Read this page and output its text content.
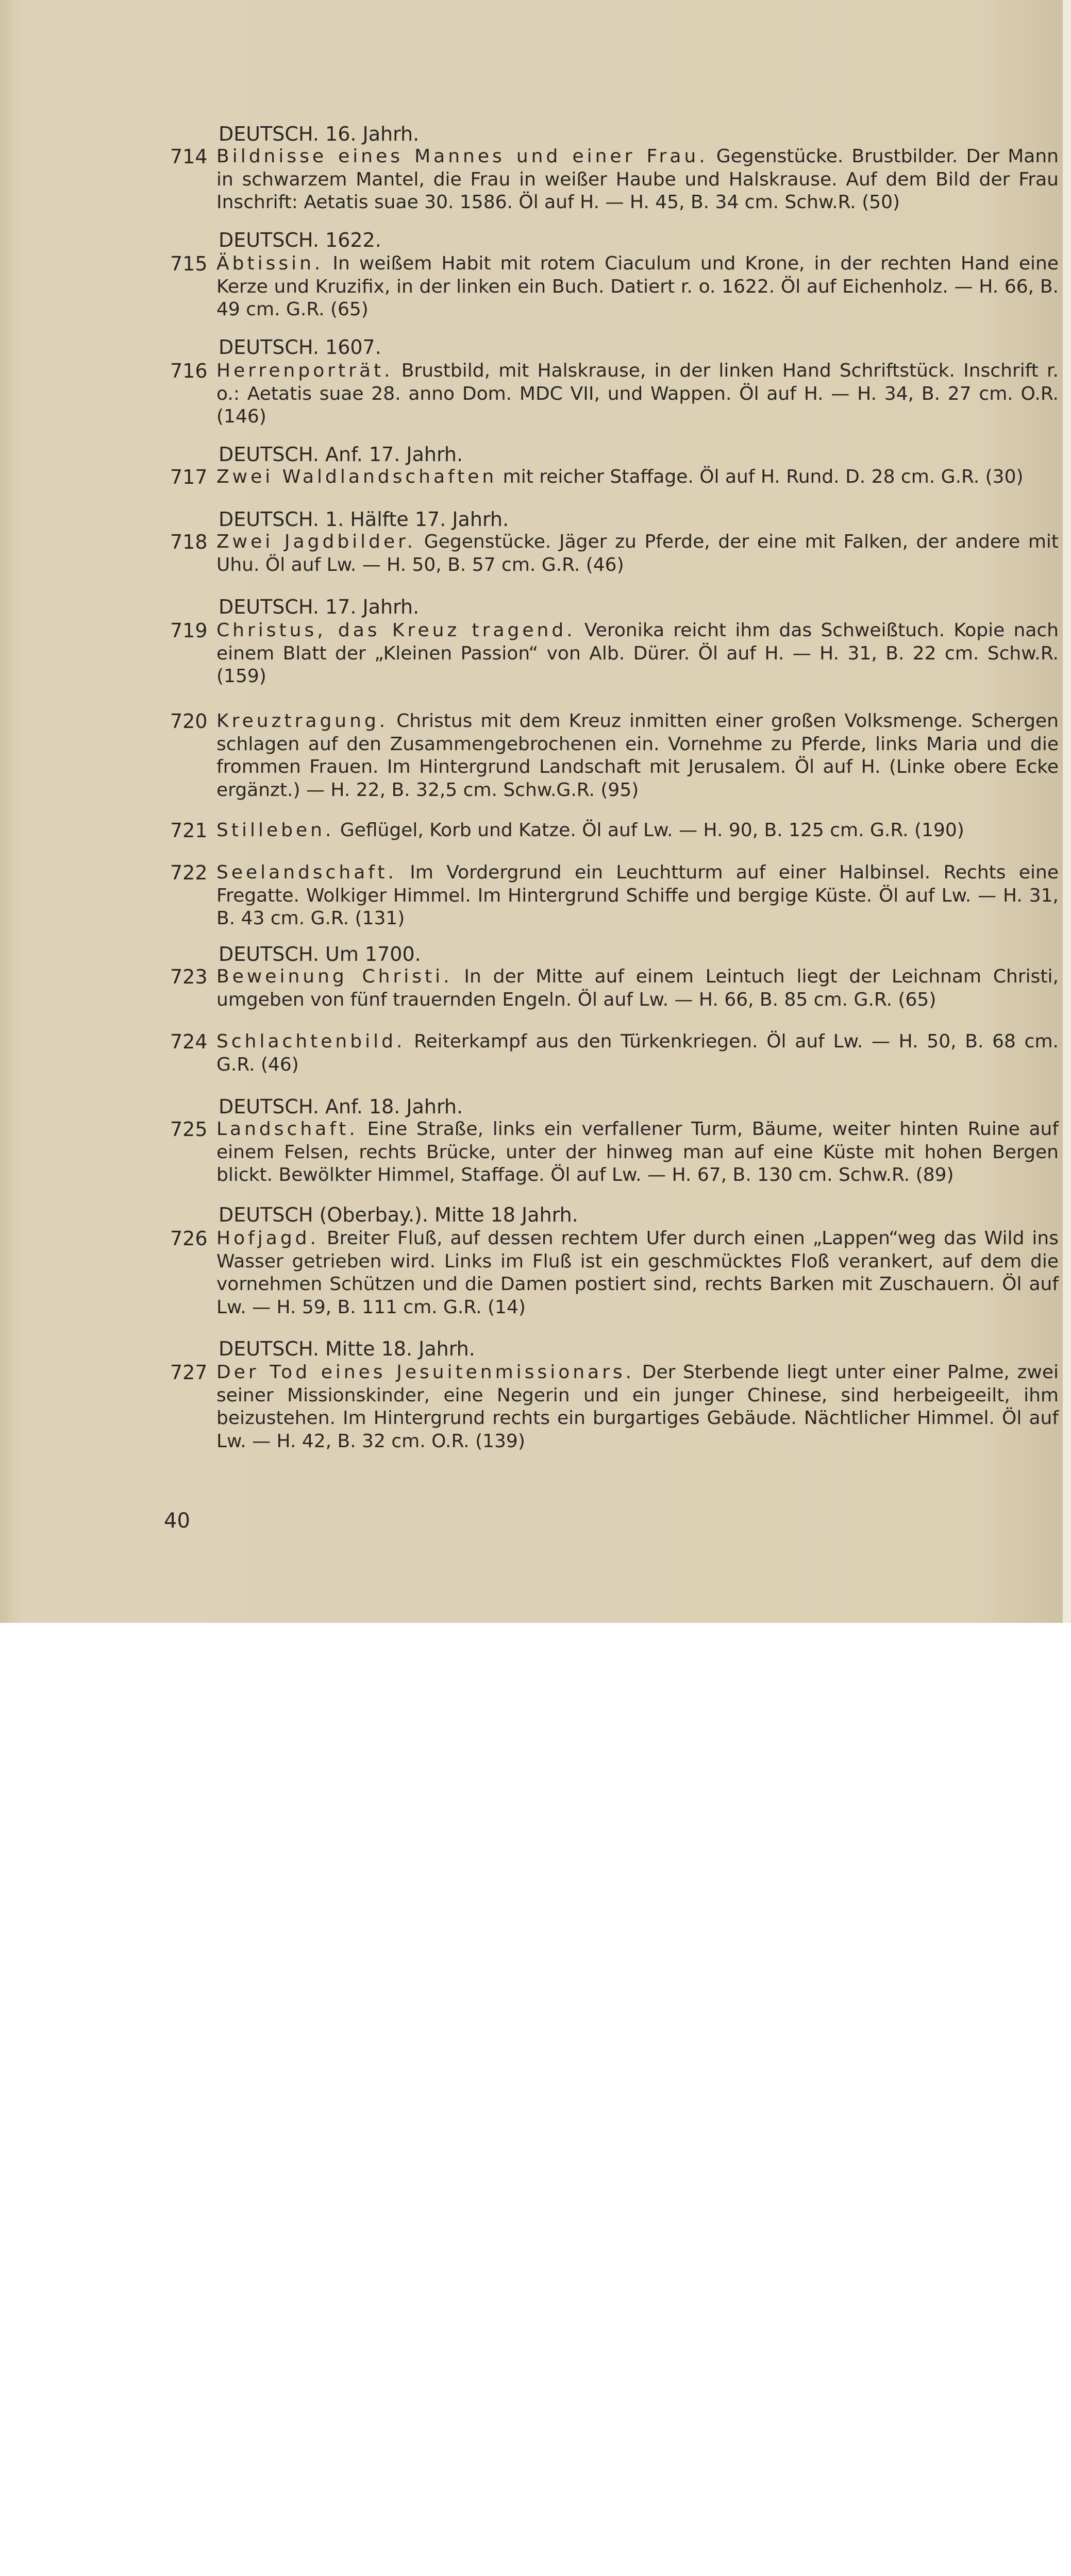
DEUTSCH. 16. Jahrh.
714 Bildnisse eines Mannes und einer Frau. Gegenstücke. Brustbilder. Der Mann in schwarzem Mantel, die Frau in weißer Haube und Halskrause. Auf dem Bild der Frau Inschrift: Aetatis suae 30. 1586. Öl auf H. — H. 45, B. 34 cm. Schw.R. (50)
DEUTSCH. 1622.
715 Äbtissin. In weißem Habit mit rotem Ciaculum und Krone, in der rechten Hand eine Kerze und Kruzifix, in der linken ein Buch. Datiert r. o. 1622. Öl auf Eichenholz. — H. 66, B. 49 cm. G.R. (65)
DEUTSCH. 1607.
716 Herrenporträt. Brustbild, mit Halskrause, in der linken Hand Schriftstück. Inschrift r. o.: Aetatis suae 28. anno Dom. MDC VII, und Wappen. Öl auf H. — H. 34, B. 27 cm. O.R. (146)
DEUTSCH. Anf. 17. Jahrh.
717 Zwei Waldlandschaften mit reicher Staffage. Öl auf H. Rund. D. 28 cm. G.R. (30)
DEUTSCH. 1. Hälfte 17. Jahrh.
718 Zwei Jagdbilder. Gegenstücke. Jäger zu Pferde, der eine mit Falken, der andere mit Uhu. Öl auf Lw. — H. 50, B. 57 cm. G.R. (46)
DEUTSCH. 17. Jahrh.
719 Christus, das Kreuz tragend. Veronika reicht ihm das Schweißtuch. Kopie nach einem Blatt der „Kleinen Passion“ von Alb. Dürer. Öl auf H. — H. 31, B. 22 cm. Schw.R. (159)
720 Kreuztragung. Christus mit dem Kreuz inmitten einer großen Volksmenge. Schergen schlagen auf den Zusammengebrochenen ein. Vornehme zu Pferde, links Maria und die frommen Frauen. Im Hintergrund Landschaft mit Jerusalem. Öl auf H. (Linke obere Ecke ergänzt.) — H. 22, B. 32,5 cm. Schw.G.R. (95)
721 Stilleben. Geflügel, Korb und Katze. Öl auf Lw. — H. 90, B. 125 cm. G.R. (190)
722 Seelandschaft. Im Vordergrund ein Leuchtturm auf einer Halbinsel. Rechts eine Fregatte. Wolkiger Himmel. Im Hintergrund Schiffe und bergige Küste. Öl auf Lw. — H. 31, B. 43 cm. G.R. (131)
DEUTSCH. Um 1700.
723 Beweinung Christi. In der Mitte auf einem Leintuch liegt der Leichnam Christi, umgeben von fünf trauernden Engeln. Öl auf Lw. — H. 66, B. 85 cm. G.R. (65)
724 Schlachtenbild. Reiterkampf aus den Türkenkriegen. Öl auf Lw. — H. 50, B. 68 cm. G.R. (46)
DEUTSCH. Anf. 18. Jahrh.
725 Landschaft. Eine Straße, links ein verfallener Turm, Bäume, weiter hinten Ruine auf einem Felsen, rechts Brücke, unter der hinweg man auf eine Küste mit hohen Bergen blickt. Bewölkter Himmel, Staffage. Öl auf Lw. — H. 67, B. 130 cm. Schw.R. (89)
DEUTSCH (Oberbay.). Mitte 18 Jahrh.
726 Hofjagd. Breiter Fluß, auf dessen rechtem Ufer durch einen „Lappen“weg das Wild ins Wasser getrieben wird. Links im Fluß ist ein geschmücktes Floß verankert, auf dem die vornehmen Schützen und die Damen postiert sind, rechts Barken mit Zuschauern. Öl auf Lw. — H. 59, B. 111 cm. G.R. (14)
DEUTSCH. Mitte 18. Jahrh.
727 Der Tod eines Jesuitenmissionars. Der Sterbende liegt unter einer Palme, zwei seiner Missionskinder, eine Negerin und ein junger Chinese, sind herbeigeeilt, ihm beizustehen. Im Hintergrund rechts ein burgartiges Gebäude. Nächtlicher Himmel. Öl auf Lw. — H. 42, B. 32 cm. O.R. (139)
40
